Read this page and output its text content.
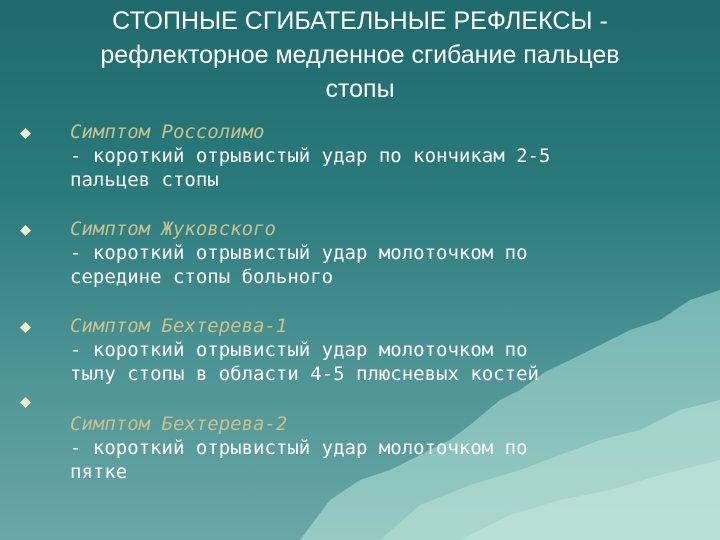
СТОПНЫЕ СГИБАТЕЛЬНЫЕ РЕФЛЕКСЫ -
рефлекторное медленное сгибание пальцев
стопы
Симптом Россолимо
- короткий отрывистый удар по кончикам 2-5
пальцев стопы
Симптом Жуковского
- короткий отрывистый удар молоточком по
середине стопы больного
Симптом Бехтерева-1
- короткий отрывистый удар молоточком по
тылу стопы в области 4-5 плюсневых костей
Симптом Бехтерева-2
- короткий отрывистый удар молоточком по
пятке
